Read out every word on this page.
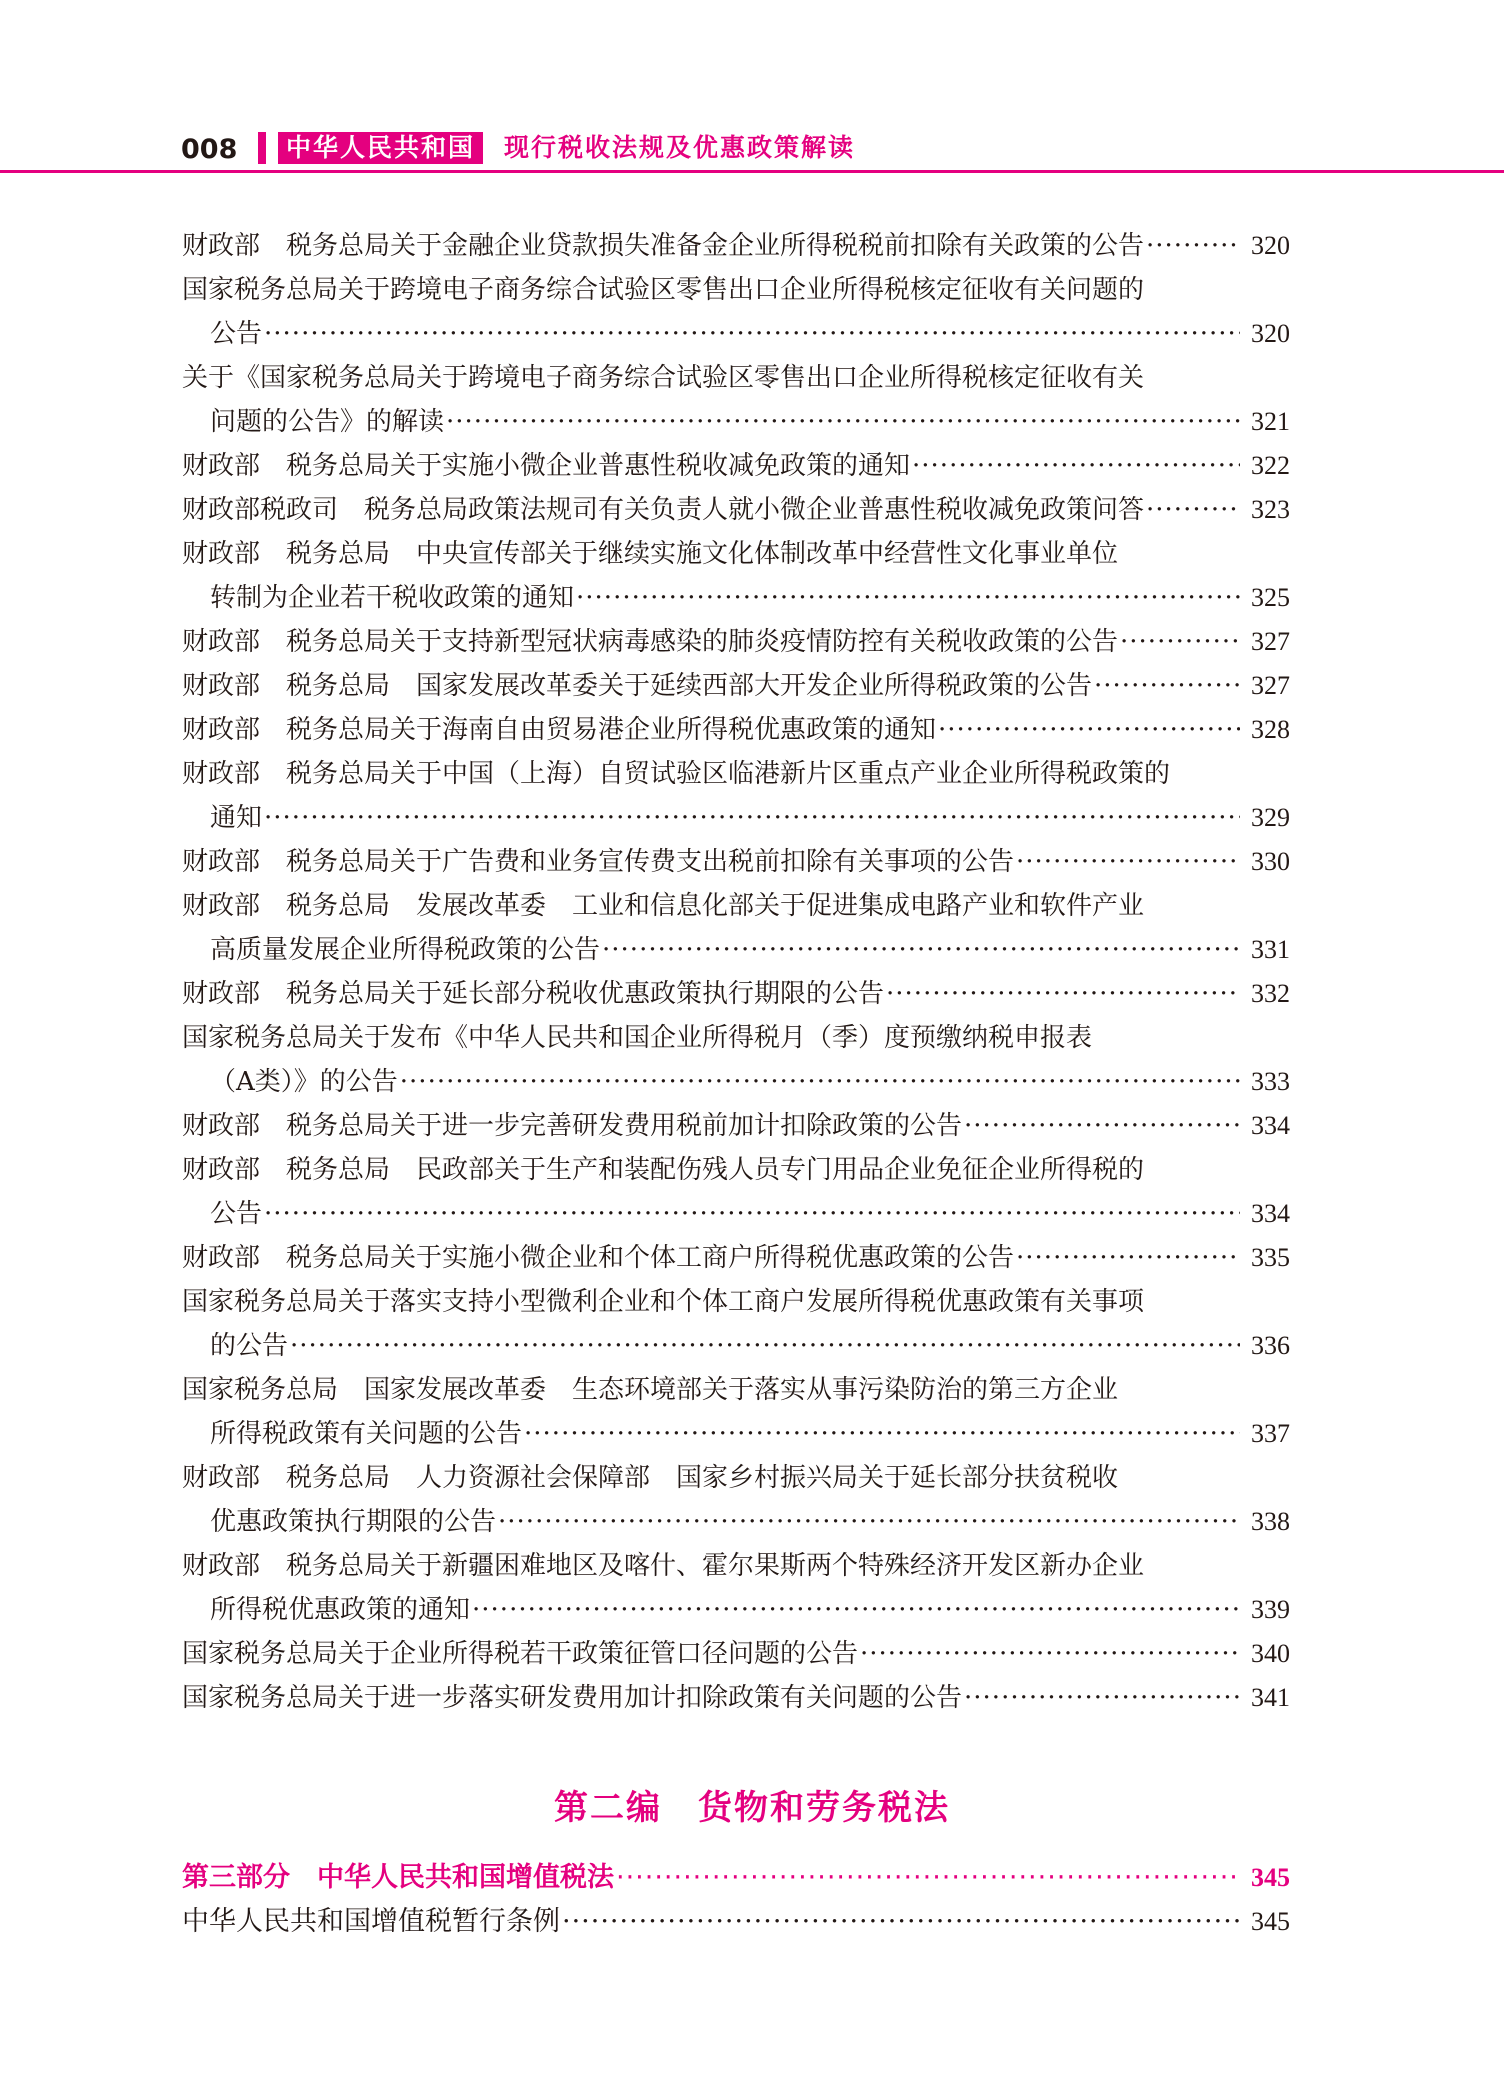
008	中华人民共和国	现行税收法规及优惠政策解读
财政部　税务总局关于金融企业贷款损失准备金企业所得税税前扣除有关政策的公告 ·····	320
国家税务总局关于跨境电子商务综合试验区零售出口企业所得税核定征收有关问题的
公告 ·····	320
关于《国家税务总局关于跨境电子商务综合试验区零售出口企业所得税核定征收有关
问题的公告》的解读 ·····	321
财政部　税务总局关于实施小微企业普惠性税收减免政策的通知 ·····	322
财政部税政司　税务总局政策法规司有关负责人就小微企业普惠性税收减免政策问答 ·····	323
财政部　税务总局　中央宣传部关于继续实施文化体制改革中经营性文化事业单位
转制为企业若干税收政策的通知 ·····	325
财政部　税务总局关于支持新型冠状病毒感染的肺炎疫情防控有关税收政策的公告 ·····	327
财政部　税务总局　国家发展改革委关于延续西部大开发企业所得税政策的公告 ·····	327
财政部　税务总局关于海南自由贸易港企业所得税优惠政策的通知 ·····	328
财政部　税务总局关于中国（上海）自贸试验区临港新片区重点产业企业所得税政策的
通知 ·····	329
财政部　税务总局关于广告费和业务宣传费支出税前扣除有关事项的公告 ·····	330
财政部　税务总局　发展改革委　工业和信息化部关于促进集成电路产业和软件产业
高质量发展企业所得税政策的公告 ·····	331
财政部　税务总局关于延长部分税收优惠政策执行期限的公告 ·····	332
国家税务总局关于发布《中华人民共和国企业所得税月（季）度预缴纳税申报表
（A类）》的公告 ·····	333
财政部　税务总局关于进一步完善研发费用税前加计扣除政策的公告 ·····	334
财政部　税务总局　民政部关于生产和装配伤残人员专门用品企业免征企业所得税的
公告 ·····	334
财政部　税务总局关于实施小微企业和个体工商户所得税优惠政策的公告 ·····	335
国家税务总局关于落实支持小型微利企业和个体工商户发展所得税优惠政策有关事项
的公告 ·····	336
国家税务总局　国家发展改革委　生态环境部关于落实从事污染防治的第三方企业
所得税政策有关问题的公告 ·····	337
财政部　税务总局　人力资源社会保障部　国家乡村振兴局关于延长部分扶贫税收
优惠政策执行期限的公告 ·····	338
财政部　税务总局关于新疆困难地区及喀什、霍尔果斯两个特殊经济开发区新办企业
所得税优惠政策的通知 ·····	339
国家税务总局关于企业所得税若干政策征管口径问题的公告 ·····	340
国家税务总局关于进一步落实研发费用加计扣除政策有关问题的公告 ·····	341
第二编　货物和劳务税法
第三部分　中华人民共和国增值税法 ·····	345
中华人民共和国增值税暂行条例 ·····	345
